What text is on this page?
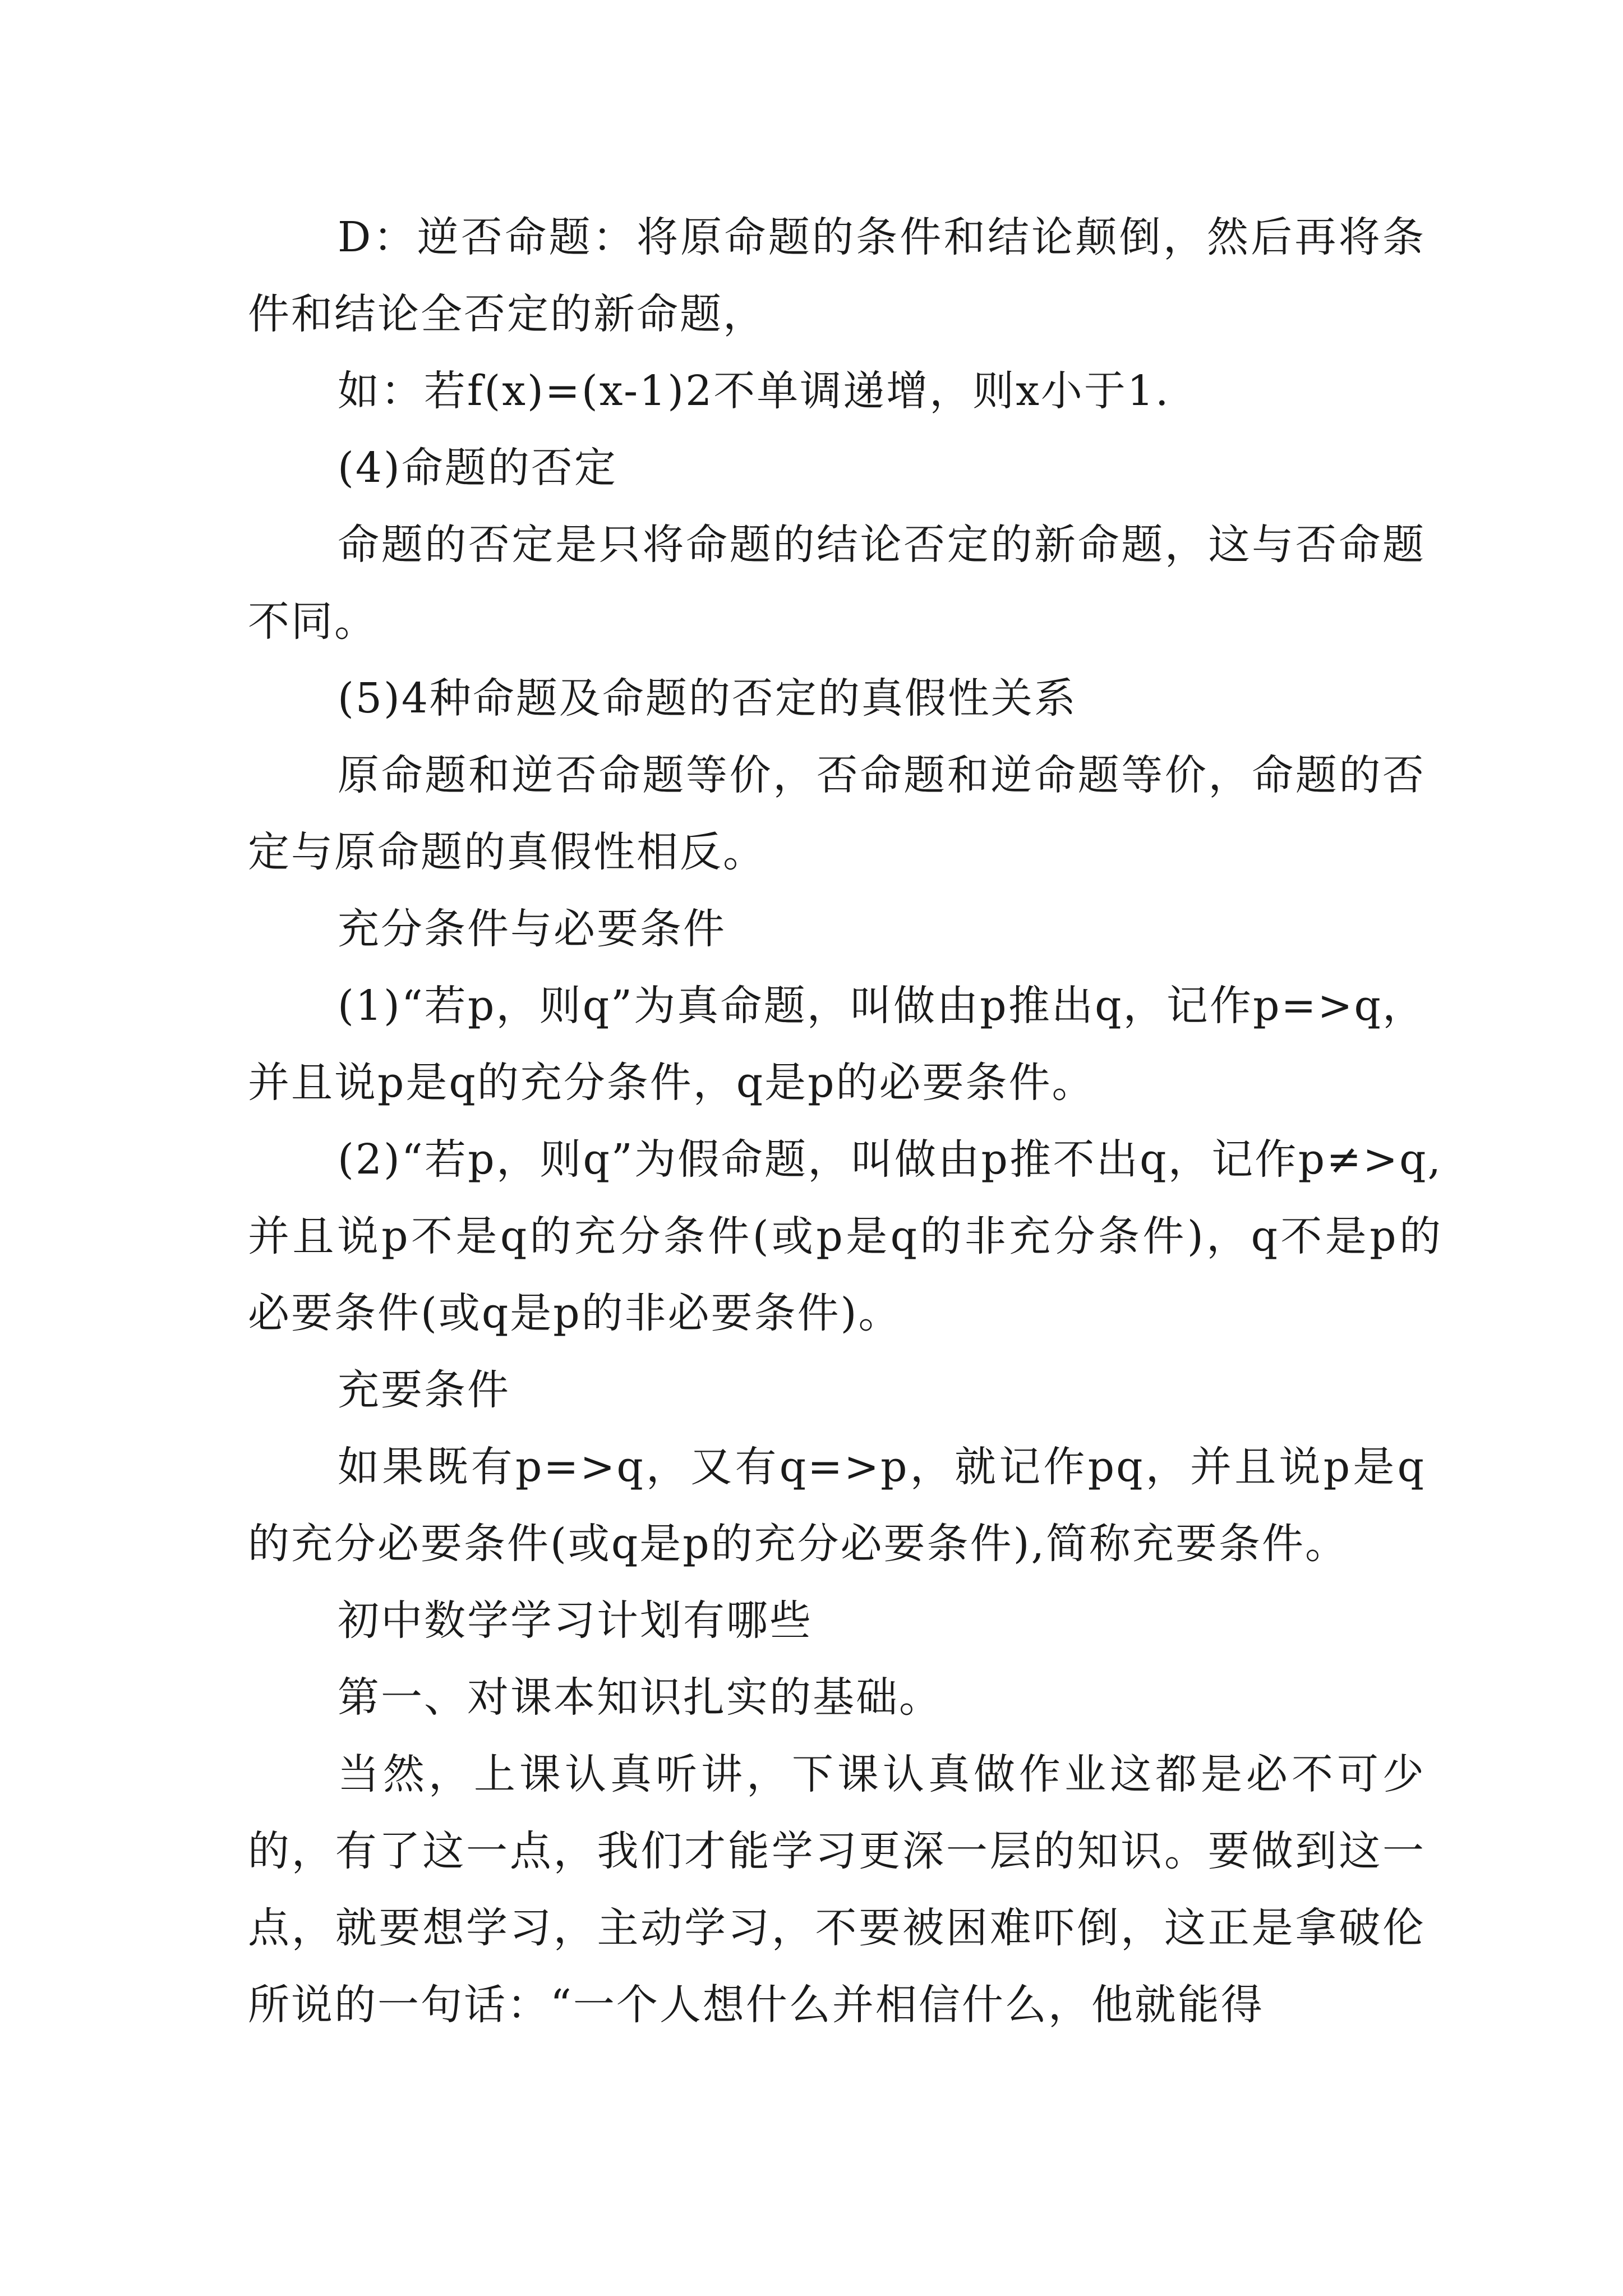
D：逆否命题：将原命题的条件和结论颠倒，然后再将条件和结论全否定的新命题，

如：若f(x)=(x-1)2不单调递增，则x小于1.

(4)命题的否定

命题的否定是只将命题的结论否定的新命题，这与否命题不同。

(5)4种命题及命题的否定的真假性关系

原命题和逆否命题等价，否命题和逆命题等价，命题的否定与原命题的真假性相反。

充分条件与必要条件

(1)“若p，则q”为真命题，叫做由p推出q，记作p=>q，并且说p是q的充分条件，q是p的必要条件。

(2)“若p，则q”为假命题，叫做由p推不出q，记作p≠>q,并且说p不是q的充分条件(或p是q的非充分条件)，q不是p的必要条件(或q是p的非必要条件)。

充要条件

如果既有p=>q，又有q=>p，就记作pq，并且说p是q的充分必要条件(或q是p的充分必要条件),简称充要条件。

初中数学学习计划有哪些

第一、对课本知识扎实的基础。

当然，上课认真听讲，下课认真做作业这都是必不可少的，有了这一点，我们才能学习更深一层的知识。要做到这一点，就要想学习，主动学习，不要被困难吓倒，这正是拿破伦所说的一句话：“一个人想什么并相信什么，他就能得
